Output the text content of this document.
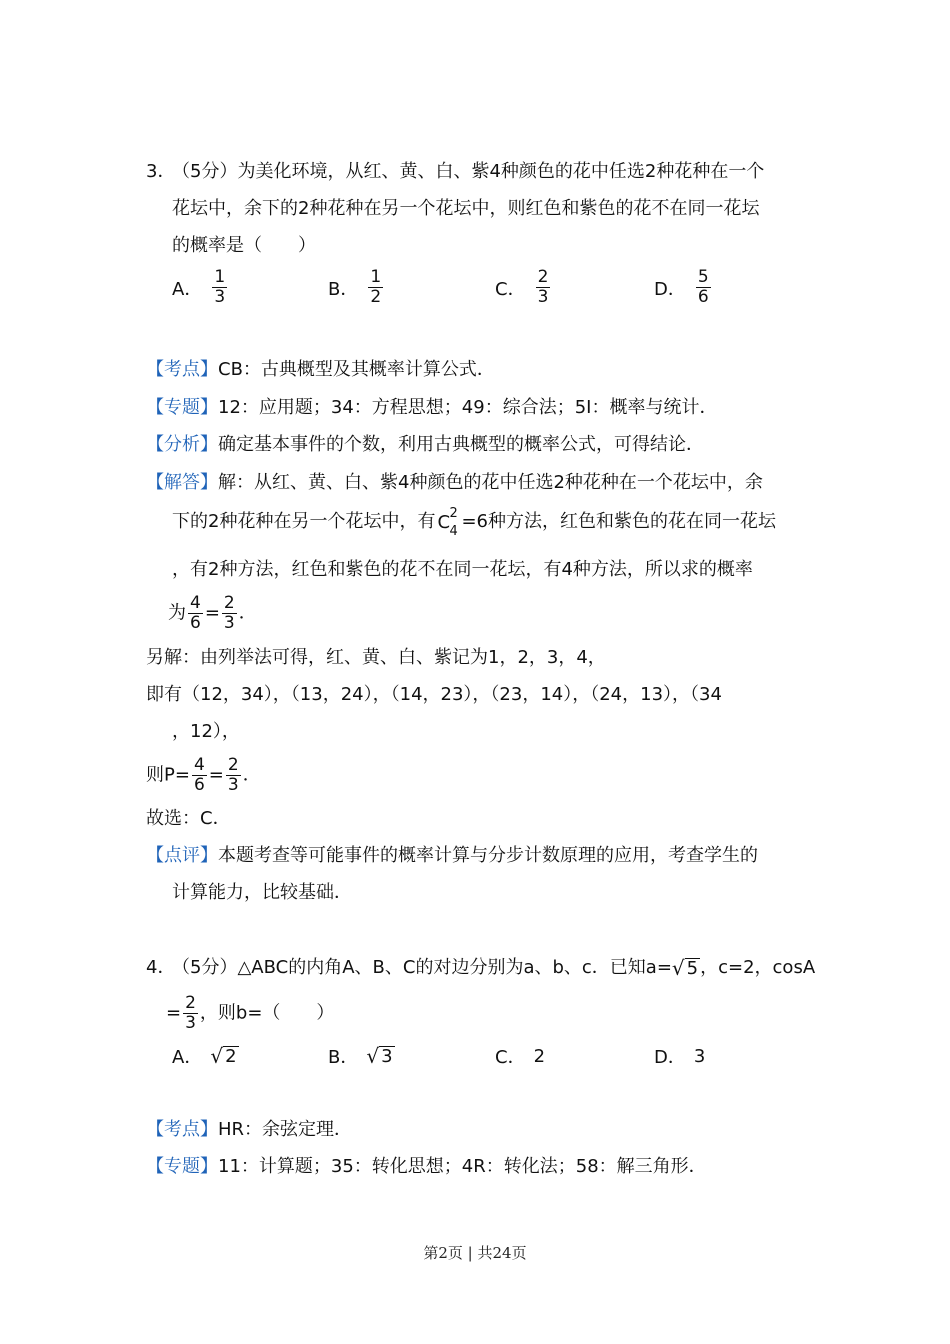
3．
（5分）为美化环境，从红、黄、白、紫4种颜色的花中任选2种花种在一个
花坛中，余下的2种花种在另一个花坛中，则红色和紫色的花不在同一花坛
的概率是（　　）
A． $\frac{1}{3}$	B． $\frac{1}{2}$	C． $\frac{2}{3}$	D． $\frac{5}{6}$
【考点】CB：古典概型及其概率计算公式．
【专题】12：应用题；34：方程思想；49：综合法；5I：概率与统计．
【分析】确定基本事件的个数，利用古典概型的概率公式，可得结论．
【解答】解：从红、黄、白、紫4种颜色的花中任选2种花种在一个花坛中，余
下的2种花种在另一个花坛中，有 C 2
4 =6种方法，红色和紫色的花在同一花坛
，有2种方法，红色和紫色的花不在同一花坛，有4种方法，所以求的概率
为 $\frac{4}{6} = \frac{2}{3}$ ．
另解：由列举法可得，红、黄、白、紫记为1，2，3，4，
即有（12，34），（13，24），（14，23），（23，14），（24，13），（34
，12），
则$P= \frac{4}{6} = \frac{2}{3}$ ．
故选：C．
【点评】本题考查等可能事件的概率计算与分步计数原理的应用，考查学生的
计算能力，比较基础．
4．
（5分）△ABC的内角A、B、C的对边分别为a、b、c．已知a= √ 5 ，c=2，cosA
= $\frac{2}{3}$ ，则b=（　　）
A． √ 2	B． √ 3	C． 2	D． 3
【考点】HR：余弦定理．
【专题】11：计算题；35：转化思想；4R：转化法；58：解三角形．
第2页 | 共24页
